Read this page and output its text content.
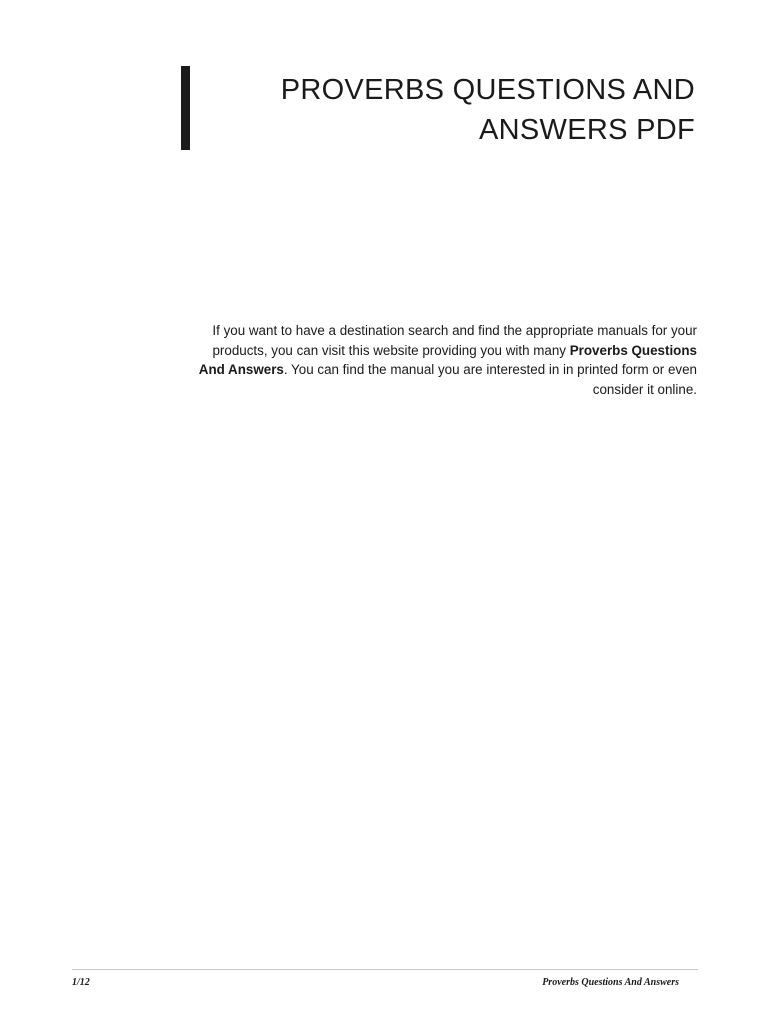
PROVERBS QUESTIONS AND
ANSWERS PDF

If you want to have a destination search and find the appropriate manuals for your products, you can visit this website providing you with many Proverbs Questions And Answers. You can find the manual you are interested in in printed form or even consider it online.

1/12	Proverbs Questions And Answers
